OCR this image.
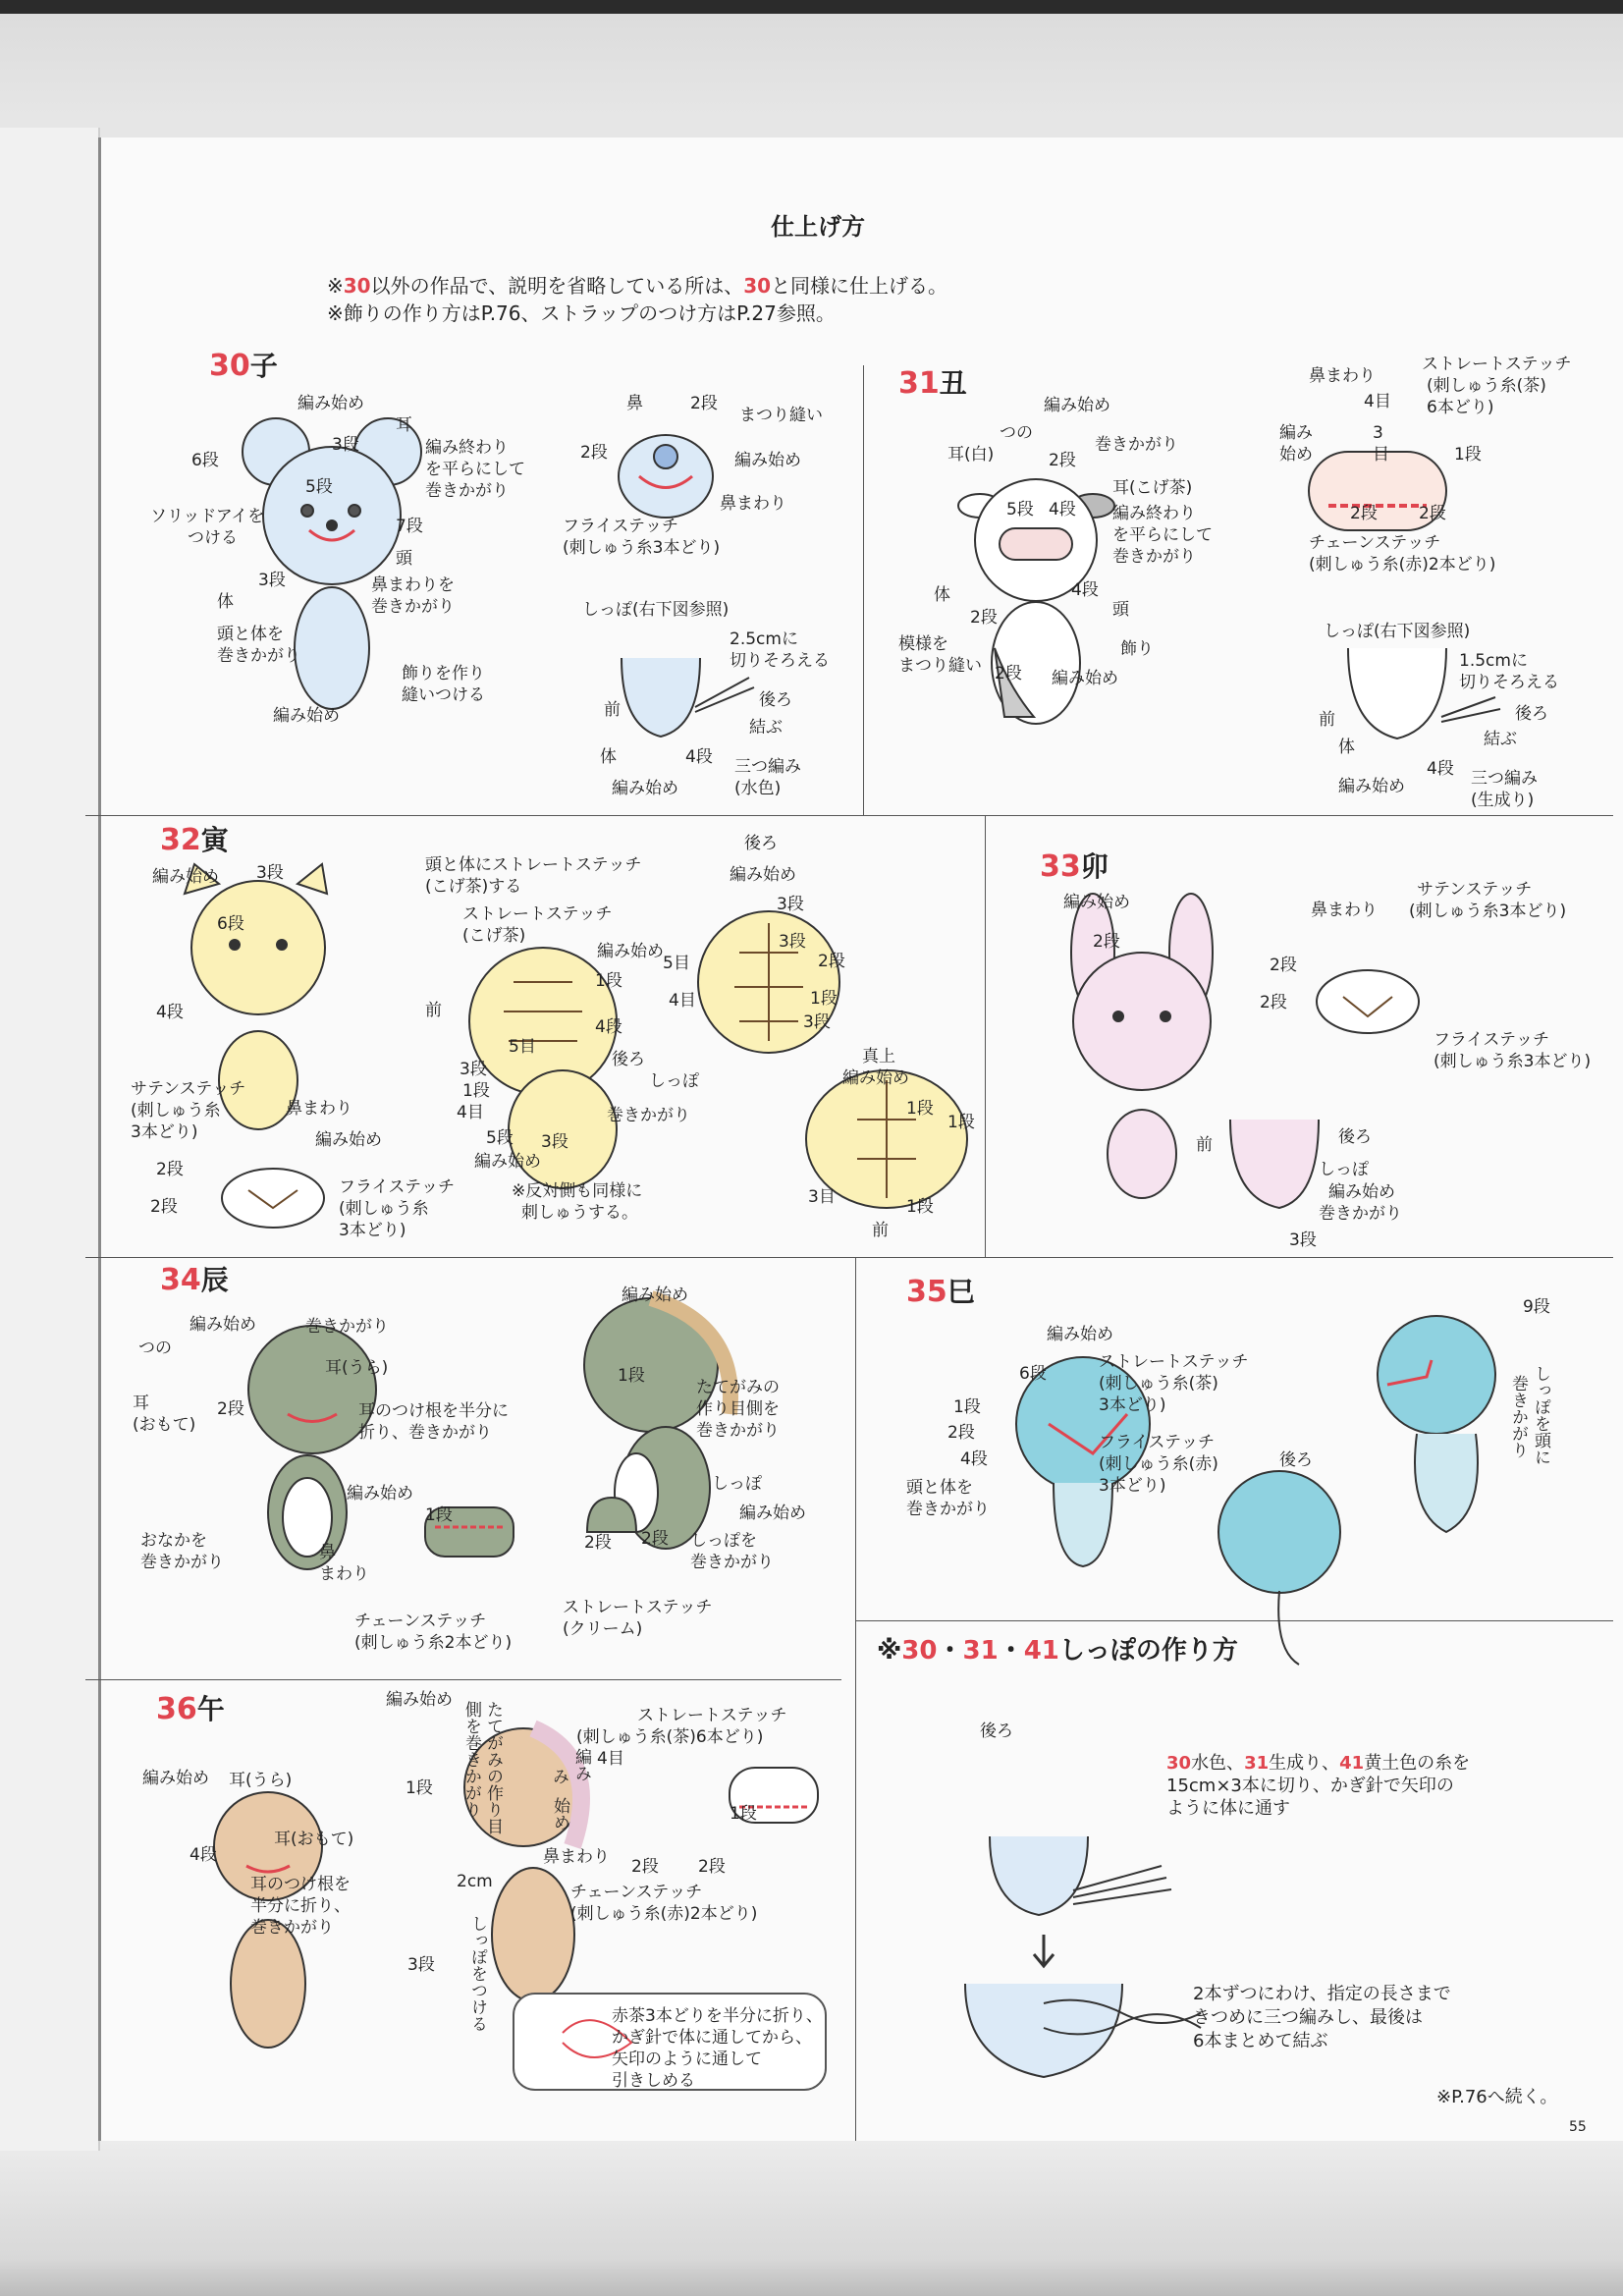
仕上げ方
※30以外の作品で、説明を省略している所は、30と同様に仕上げる。
※飾りの作り方はP.76、ストラップのつけ方はP.27参照。
30子
31丑
32寅
33卯
34辰	35巳
36午
編み始め
3段
耳
6段
5段
編み終わり
を平らにして
巻きかがり
ソリッドアイを
つける
7段
頭
鼻まわりを
巻きかがり
3段
体
頭と体を
巻きかがり
飾りを作り
縫いつける
編み始め
鼻	2段
まつり縫い
2段	編み始め
鼻まわり
フライステッチ
(刺しゅう糸3本どり)
しっぽ(右下図参照)
2.5cmに
切りそろえる
後ろ
前
結ぶ
体	4段 三つ編み
編み始め	(水色)
編み始め
つの
耳(白)	巻きかがり
2段
耳(こげ茶)
5段 4段 編み終わり
を平らにして
巻きかがり
体	4段
頭
2段
模様を
まつり縫い
飾り
2段 編み始め
ストレートステッチ
鼻まわり	(刺しゅう糸(茶)
4目 6本どり)
編み
始め
3
目	1段
2段 2段
チェーンステッチ
(刺しゅう糸(赤)2本どり)
しっぽ(右下図参照)
1.5cmに
切りそろえる
後ろ
前
結ぶ
体
4段 三つ編み
編み始め
(生成り)
編み始め 3段
6段
4段
サテンステッチ
(刺しゅう糸
3本どり)
鼻まわり
編み始め
2段
2段
フライステッチ
(刺しゅう糸
3本どり)
頭と体にストレートステッチ
(こげ茶)する
ストレートステッチ
(こげ茶)
編み始め
1段
前
4段
5目
後ろ
しっぽ
3段
1段
4目	巻きかがり
5段 3段
編み始め
※反対側も同様に
刺しゅうする。
後ろ
編み始め
3段
3段
5目	2段
4目	1段
3段
真上
編み始め
1段
1段
3目	1段
前
編み始め
2段
サテンステッチ
鼻まわり (刺しゅう糸3本どり)
2段
2段
フライステッチ
(刺しゅう糸3本どり)
前	後ろ
しっぽ
編み始め
巻きかがり
3段
編み始め	巻きかがり
つの
耳(うら)
耳
(おもて)
2段	耳のつけ根を半分に
折り、巻きかがり
おなかを
巻きかがり
編み始め
1段
鼻
まわり
チェーンステッチ
(刺しゅう糸2本どり)
ストレートステッチ
(クリーム)
編み始め
1段
たてがみの
作り目側を
巻きかがり
しっぽ
編み始め
2段 2段 しっぽを
巻きかがり
編み始め
6段
ストレートステッチ
(刺しゅう糸(茶)
3本どり)
1段
2段	フライステッチ
4段	(刺しゅう糸(赤)
頭と体を	3本どり)
巻きかがり
9段
しっぽを頭に
巻きかがり
後ろ
編み始め
たてがみの作り目
側を巻きかがり
1段
編み始め 耳(うら)
耳(おもて)
4段
耳のつけ根を
半分に折り、
巻きかがり
2cm
しっぽをつける
3段
ストレートステッチ
(刺しゅう糸(茶)6本どり)
4目
編み
み
始め	1段
鼻まわり 2段 2段
チェーンステッチ
(刺しゅう糸(赤)2本どり)
赤茶3本どりを半分に折り、
かぎ針で体に通してから、
矢印のように通して
引きしめる
※30・31・41しっぽの作り方
後ろ
30水色、31生成り、41黄土色の糸を
15cm×3本に切り、かぎ針で矢印の
ように体に通す
2本ずつにわけ、指定の長さまで
きつめに三つ編みし、最後は
6本まとめて結ぶ
※P.76へ続く。
55
